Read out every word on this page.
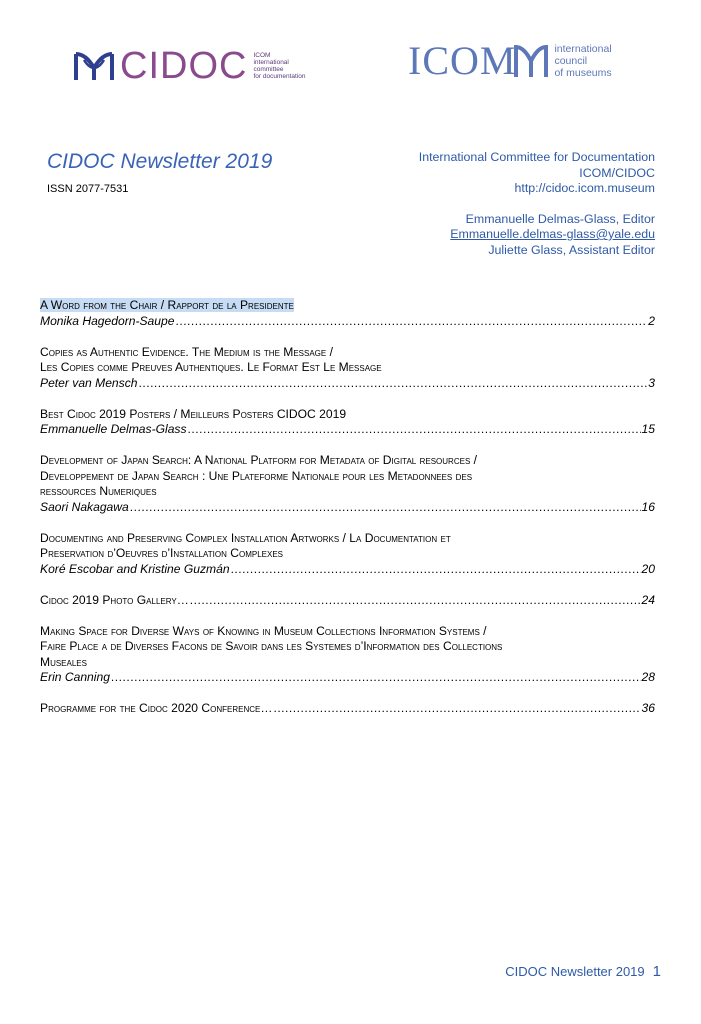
CIDOC ICOM
international
committee
for documentation	ICOM	international
council
of museums
CIDOC Newsletter 2019
ISSN 2077-7531
International Committee for Documentation
ICOM/CIDOC
http://cidoc.icom.museum
Emmanuelle Delmas-Glass, Editor
Emmanuelle.delmas-glass@yale.edu
Juliette Glass, Assistant Editor
A Word from the Chair / Rapport de la Presidente
Monika Hagedorn-Saupe .....	2
Copies as Authentic Evidence. The Medium is the Message /
Les Copies comme Preuves Authentiques. Le Format Est Le Message
Peter van Mensch .....	3
Best Cidoc 2019 Posters / Meilleurs Posters CIDOC 2019
Emmanuelle Delmas-Glass .....	15
Development of Japan Search: A National Platform for Metadata of Digital resources /
Developpement de Japan Search : Une Plateforme Nationale pour les Metadonnees des
ressources Numeriques
Saori Nakagawa .....	16
Documenting and Preserving Complex Installation Artworks / La Documentation et
Preservation d’Oeuvres d’Installation Complexes
Koré Escobar and Kristine Guzmán .....	20
Cidoc 2019 Photo Gallery… .....	24
Making Space for Diverse Ways of Knowing in Museum Collections Information Systems /
Faire Place a de Diverses Facons de Savoir dans les Systemes d’Information des Collections
Museales
Erin Canning .....	28
Programme for the Cidoc 2020 Conference… .....	36
CIDOC Newsletter 2019 1
